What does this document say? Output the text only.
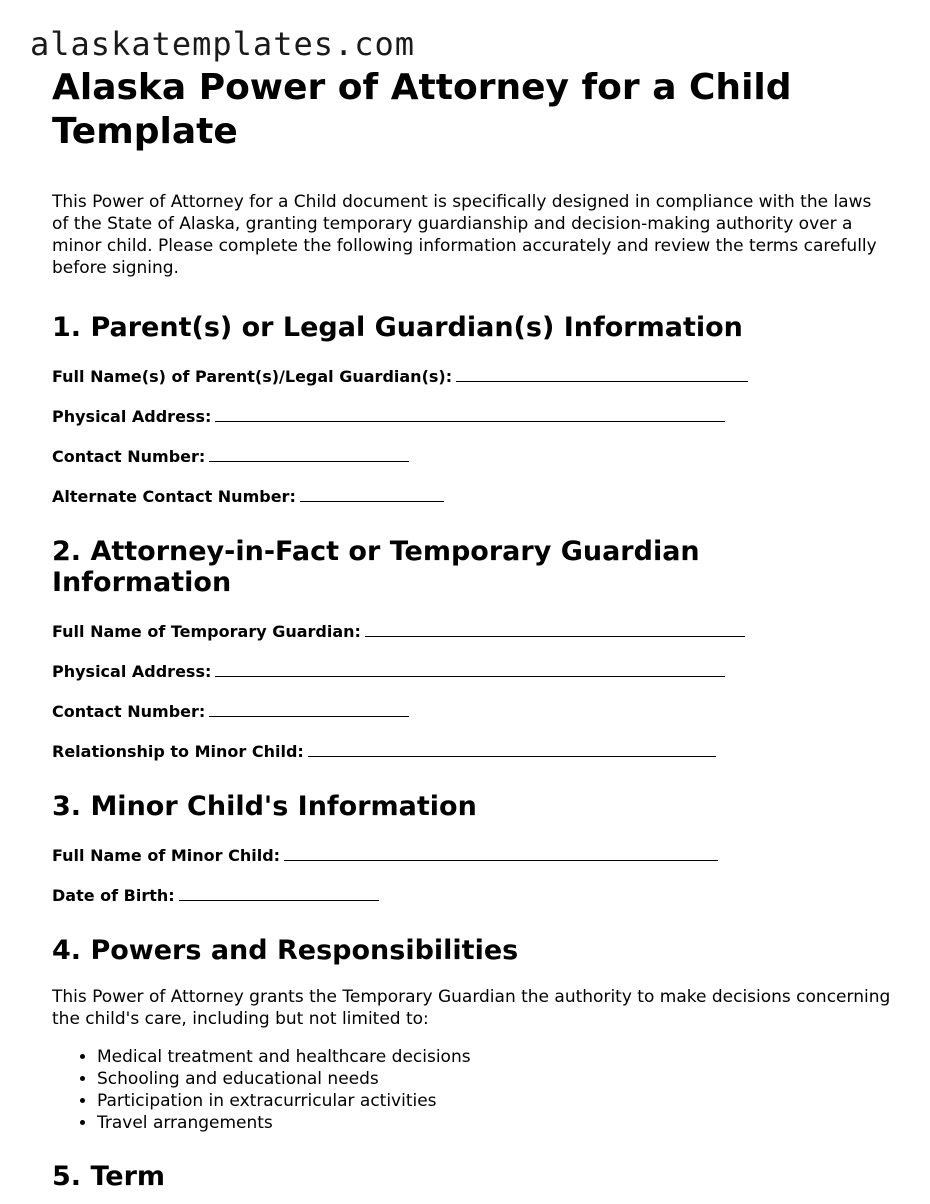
alaskatemplates.com
Alaska Power of Attorney for a Child Template

This Power of Attorney for a Child document is specifically designed in compliance with the laws of the State of Alaska, granting temporary guardianship and decision-making authority over a minor child. Please complete the following information accurately and review the terms carefully before signing.

1. Parent(s) or Legal Guardian(s) Information
Full Name(s) of Parent(s)/Legal Guardian(s):
Physical Address:
Contact Number:
Alternate Contact Number:
2. Attorney-in-Fact or Temporary Guardian Information
Full Name of Temporary Guardian:
Physical Address:
Contact Number:
Relationship to Minor Child:
3. Minor Child's Information
Full Name of Minor Child:
Date of Birth:
4. Powers and Responsibilities

This Power of Attorney grants the Temporary Guardian the authority to make decisions concerning the child's care, including but not limited to:

• Medical treatment and healthcare decisions
• Schooling and educational needs
• Participation in extracurricular activities
• Travel arrangements
5. Term
